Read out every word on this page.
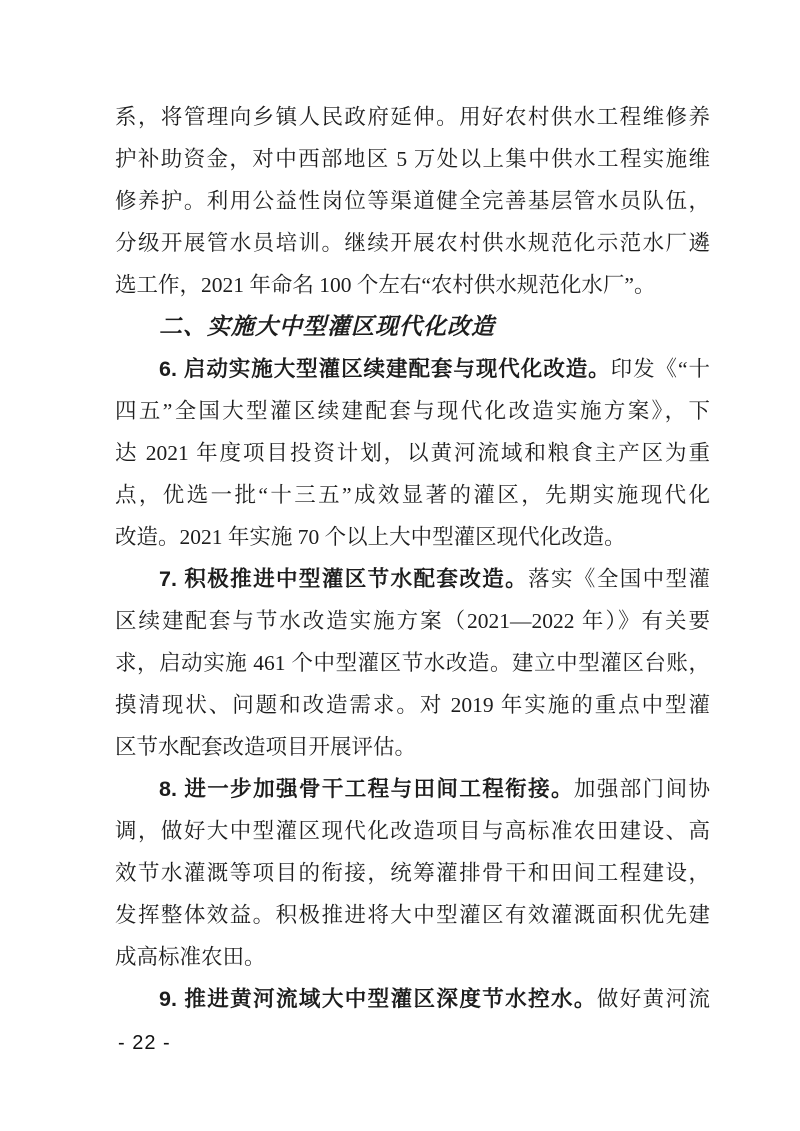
系，将管理向乡镇人民政府延伸。用好农村供水工程维修养
护补助资金，对中西部地区 5 万处以上集中供水工程实施维
修养护。利用公益性岗位等渠道健全完善基层管水员队伍，
分级开展管水员培训。继续开展农村供水规范化示范水厂遴
选工作，2021 年命名 100 个左右“农村供水规范化水厂”。
二、实施大中型灌区现代化改造
6. 启动实施大型灌区续建配套与现代化改造。印发《“十
四五”全国大型灌区续建配套与现代化改造实施方案》，下
达 2021 年度项目投资计划，以黄河流域和粮食主产区为重
点，优选一批“十三五”成效显著的灌区，先期实施现代化
改造。2021 年实施 70 个以上大中型灌区现代化改造。
7. 积极推进中型灌区节水配套改造。落实《全国中型灌
区续建配套与节水改造实施方案（2021—2022 年）》有关要
求，启动实施 461 个中型灌区节水改造。建立中型灌区台账，
摸清现状、问题和改造需求。对 2019 年实施的重点中型灌
区节水配套改造项目开展评估。
8. 进一步加强骨干工程与田间工程衔接。加强部门间协
调，做好大中型灌区现代化改造项目与高标准农田建设、高
效节水灌溉等项目的衔接，统筹灌排骨干和田间工程建设，
发挥整体效益。积极推进将大中型灌区有效灌溉面积优先建
成高标准农田。
9. 推进黄河流域大中型灌区深度节水控水。做好黄河流
- 22 -
